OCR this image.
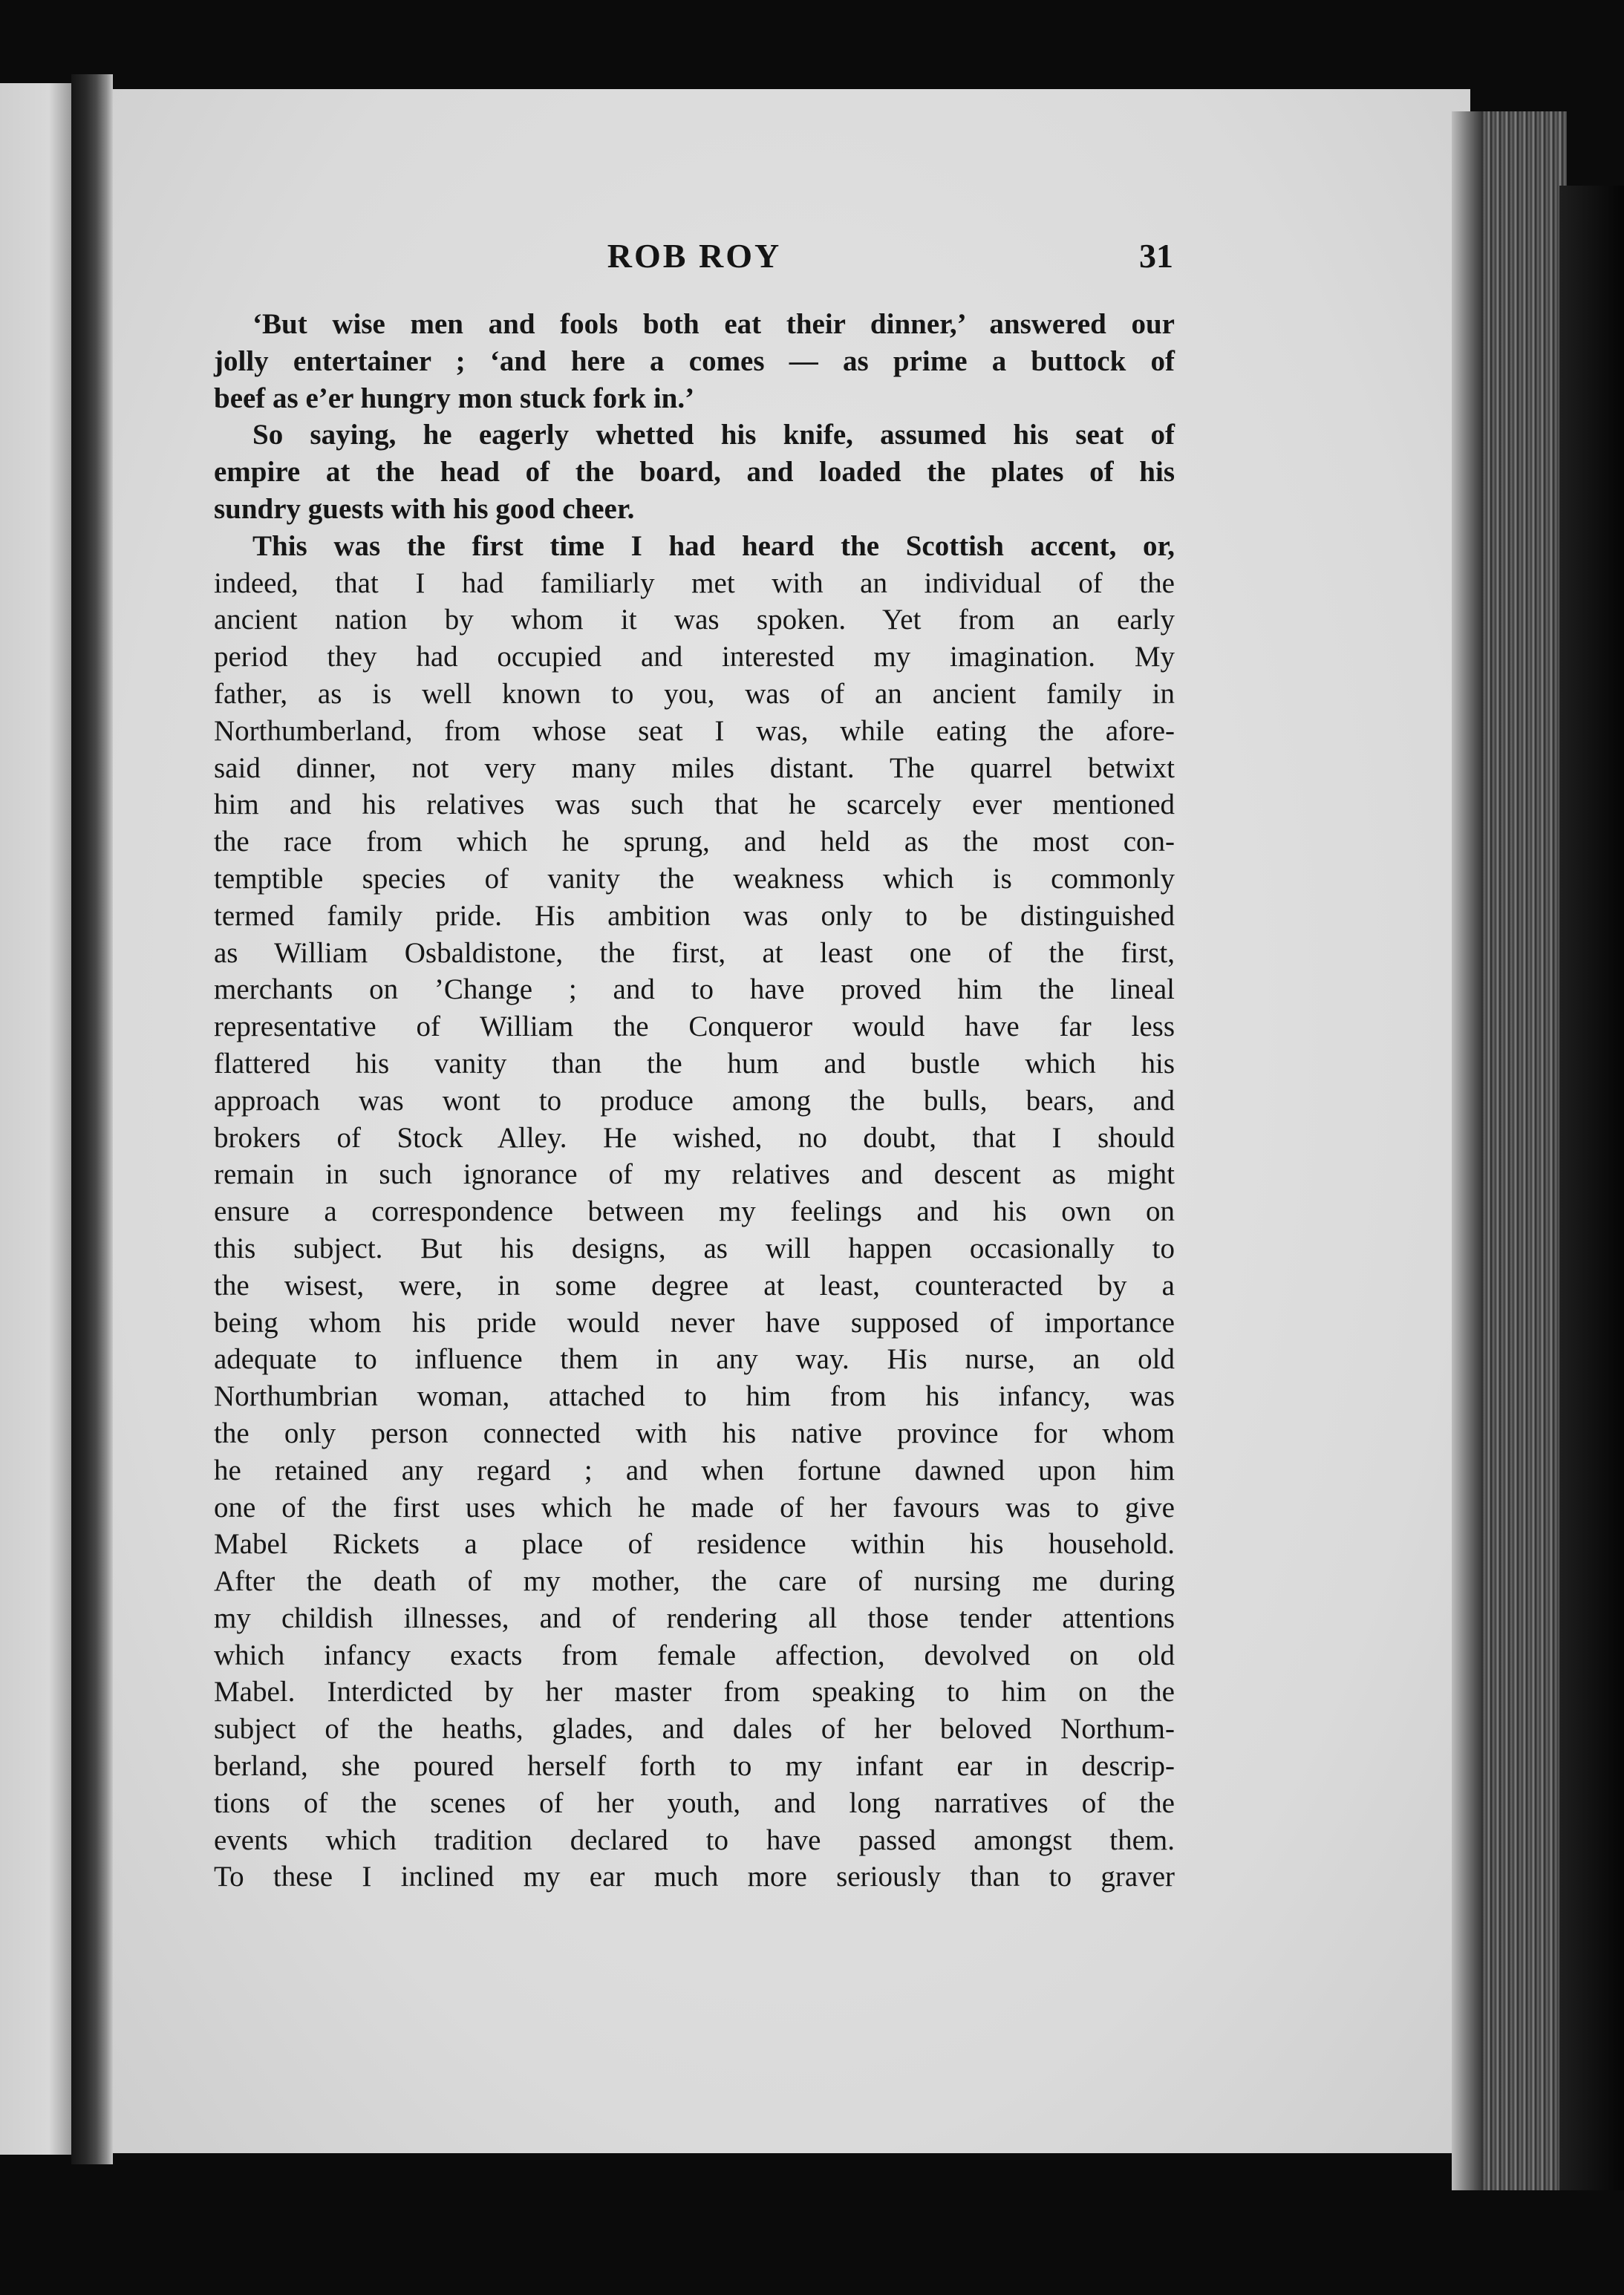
ROB ROY	31
‘But wise men and fools both eat their dinner,’ answered our
jolly entertainer ; ‘and here a comes — as prime a buttock of
beef as e’er hungry mon stuck fork in.’
So saying, he eagerly whetted his knife, assumed his seat of
empire at the head of the board, and loaded the plates of his
sundry guests with his good cheer.
This was the first time I had heard the Scottish accent, or,
indeed, that I had familiarly met with an individual of the
ancient nation by whom it was spoken. Yet from an early
period they had occupied and interested my imagination. My
father, as is well known to you, was of an ancient family in
Northumberland, from whose seat I was, while eating the afore-
said dinner, not very many miles distant. The quarrel betwixt
him and his relatives was such that he scarcely ever mentioned
the race from which he sprung, and held as the most con-
temptible species of vanity the weakness which is commonly
termed family pride. His ambition was only to be distinguished
as William Osbaldistone, the first, at least one of the first,
merchants on ’Change ; and to have proved him the lineal
representative of William the Conqueror would have far less
flattered his vanity than the hum and bustle which his
approach was wont to produce among the bulls, bears, and
brokers of Stock Alley. He wished, no doubt, that I should
remain in such ignorance of my relatives and descent as might
ensure a correspondence between my feelings and his own on
this subject. But his designs, as will happen occasionally to
the wisest, were, in some degree at least, counteracted by a
being whom his pride would never have supposed of importance
adequate to influence them in any way. His nurse, an old
Northumbrian woman, attached to him from his infancy, was
the only person connected with his native province for whom
he retained any regard ; and when fortune dawned upon him
one of the first uses which he made of her favours was to give
Mabel Rickets a place of residence within his household.
After the death of my mother, the care of nursing me during
my childish illnesses, and of rendering all those tender attentions
which infancy exacts from female affection, devolved on old
Mabel. Interdicted by her master from speaking to him on the
subject of the heaths, glades, and dales of her beloved Northum-
berland, she poured herself forth to my infant ear in descrip-
tions of the scenes of her youth, and long narratives of the
events which tradition declared to have passed amongst them.
To these I inclined my ear much more seriously than to graver
